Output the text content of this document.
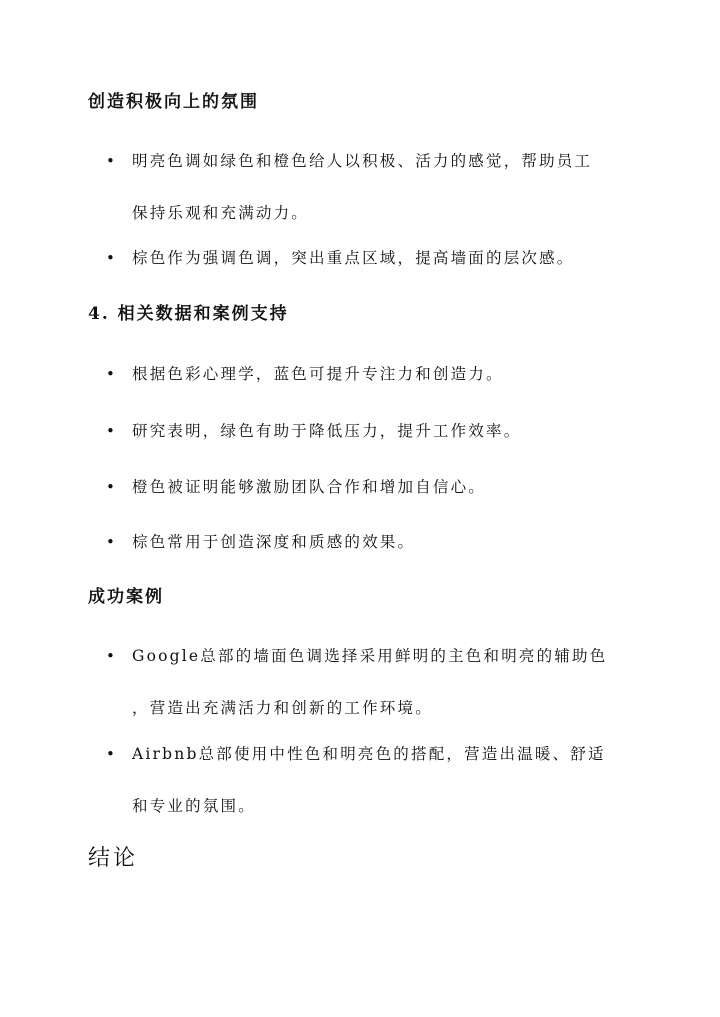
创造积极向上的氛围
• 明亮色调如绿色和橙色给人以积极、活力的感觉，帮助员工
保持乐观和充满动力。
• 棕色作为强调色调，突出重点区域，提高墙面的层次感。
4. 相关数据和案例支持
• 根据色彩心理学，蓝色可提升专注力和创造力。
• 研究表明，绿色有助于降低压力，提升工作效率。
• 橙色被证明能够激励团队合作和增加自信心。
• 棕色常用于创造深度和质感的效果。
成功案例
• Google总部的墙面色调选择采用鲜明的主色和明亮的辅助色
，营造出充满活力和创新的工作环境。
• Airbnb总部使用中性色和明亮色的搭配，营造出温暖、舒适
和专业的氛围。
结论
